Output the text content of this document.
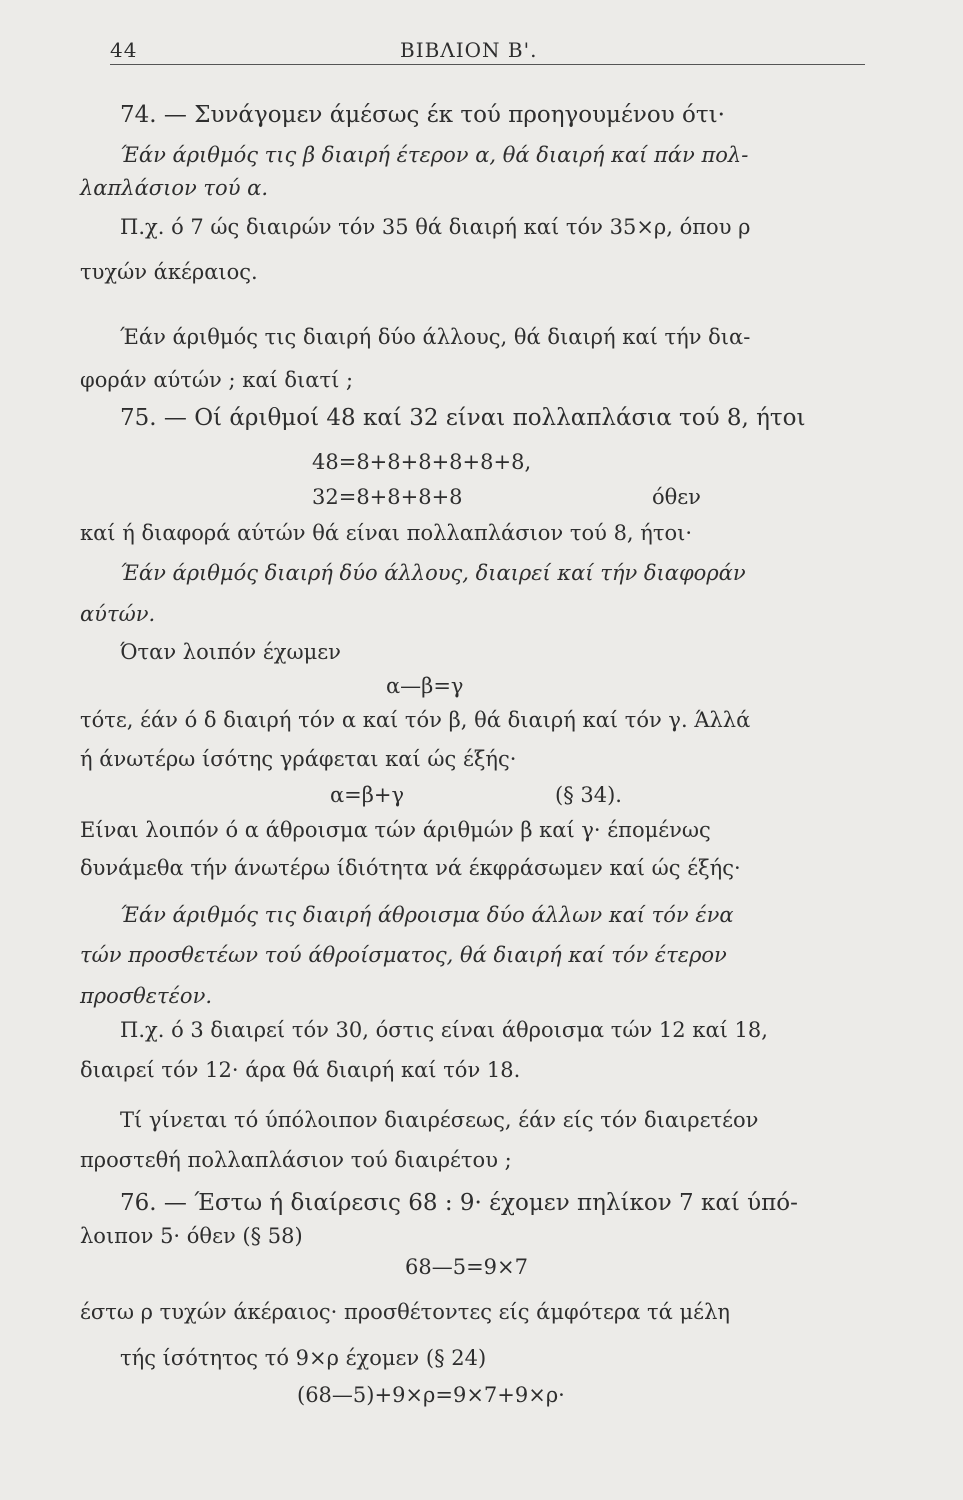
44	ΒΙΒΛΙΟΝ Β'.
74. — Συνάγομεν άμέσως έκ τού προηγουμένου ότι·
Έάν άριθμός τις β διαιρή έτερον α, θά διαιρή καί πάν πολ-
λαπλάσιον τού α.
Π.χ. ό 7 ώς διαιρών τόν 35 θά διαιρή καί τόν 35×ρ, όπου ρ
τυχών άκέραιος.
Έάν άριθμός τις διαιρή δύο άλλους, θά διαιρή καί τήν δια-
φοράν αύτών ; καί διατί ;
75. — Οί άριθμοί 48 καί 32 είναι πολλαπλάσια τού 8, ήτοι
48=8+8+8+8+8+8,
32=8+8+8+8	όθεν
καί ή διαφορά αύτών θά είναι πολλαπλάσιον τού 8, ήτοι·
Έάν άριθμός διαιρή δύο άλλους, διαιρεί καί τήν διαφοράν
αύτών.
Όταν λοιπόν έχωμεν
α—β=γ
τότε, έάν ό δ διαιρή τόν α καί τόν β, θά διαιρή καί τόν γ. Άλλά
ή άνωτέρω ίσότης γράφεται καί ώς έξής·
α=β+γ	(§ 34).
Είναι λοιπόν ό α άθροισμα τών άριθμών β καί γ· έπομένως
δυνάμεθα τήν άνωτέρω ίδιότητα νά έκφράσωμεν καί ώς έξής·
Έάν άριθμός τις διαιρή άθροισμα δύο άλλων καί τόν ένα
τών προσθετέων τού άθροίσματος, θά διαιρή καί τόν έτερον
προσθετέον.
Π.χ. ό 3 διαιρεί τόν 30, όστις είναι άθροισμα τών 12 καί 18,
διαιρεί τόν 12· άρα θά διαιρή καί τόν 18.
Τί γίνεται τό ύπόλοιπον διαιρέσεως, έάν είς τόν διαιρετέον
προστεθή πολλαπλάσιον τού διαιρέτου ;
76. — Έστω ή διαίρεσις 68 : 9· έχομεν πηλίκον 7 καί ύπό-
λοιπον 5· όθεν (§ 58)
68—5=9×7
έστω ρ τυχών άκέραιος· προσθέτοντες είς άμφότερα τά μέλη
τής ίσότητος τό 9×ρ έχομεν (§ 24)
(68—5)+9×ρ=9×7+9×ρ·
